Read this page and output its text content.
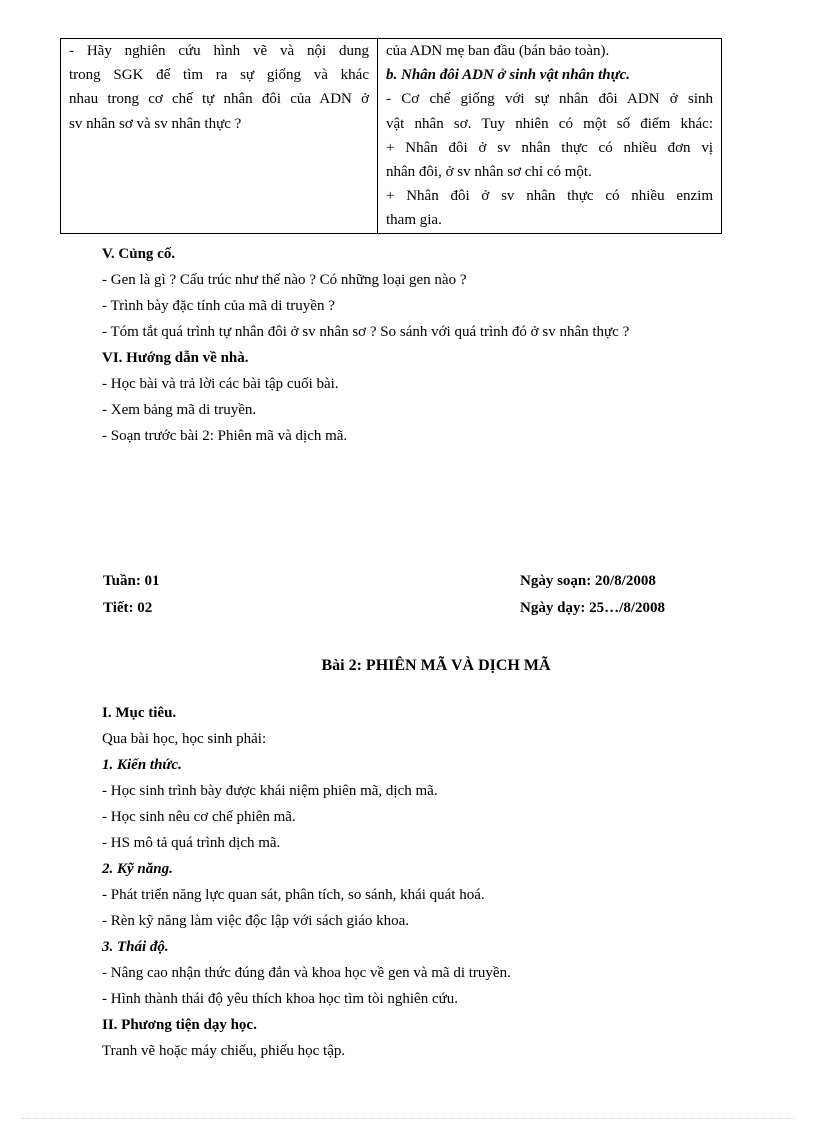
- Hãy nghiên cứu hình vẽ và nội dung
trong SGK để tìm ra sự giống và khác
nhau trong cơ chế tự nhân đôi của ADN ở
sv nhân sơ và sv nhân thực ?

của ADN mẹ ban đầu (bán bảo toàn).
b. Nhân đôi ADN ở sinh vật nhân thực.
- Cơ chế giống với sự nhân đôi ADN ở sinh
vật nhân sơ. Tuy nhiên có một số điểm khác:
+ Nhân đôi ở sv nhân thực có nhiều đơn vị
nhân đôi, ở sv nhân sơ chỉ có một.
+ Nhân đôi ở sv nhân thực có nhiều enzim
tham gia.
V. Củng cố.
- Gen là gì ? Cấu trúc như thế nào ? Có những loại gen nào ?
- Trình bày đặc tính của mã di truyền ?
- Tóm tắt quá trình tự nhân đôi ở sv nhân sơ ? So sánh với quá trình đó ở sv nhân thực ?
VI. Hướng dẫn về nhà.
- Học bài và trả lời các bài tập cuối bài.
- Xem bảng mã di truyền.
- Soạn trước bài 2: Phiên mã và dịch mã.
Tuần: 01
Tiết: 02
Ngày soạn: 20/8/2008
Ngày dạy: 25…/8/2008
Bài 2: PHIÊN MÃ VÀ DỊCH MÃ
I. Mục tiêu.
Qua bài học, học sinh phải:
1. Kiến thức.
- Học sinh trình bày được khái niệm phiên mã, dịch mã.
- Học sinh nêu cơ chế phiên mã.
- HS mô tả quá trình dịch mã.
2. Kỹ năng.
- Phát triển năng lực quan sát, phân tích, so sánh, khái quát hoá.
- Rèn kỹ năng làm việc độc lập với sách giáo khoa.
3. Thái độ.
- Nâng cao nhận thức đúng đắn và khoa học về gen và mã di truyền.
- Hình thành thái độ yêu thích khoa học tìm tòi nghiên cứu.
II. Phương tiện dạy học.
Tranh vẽ hoặc máy chiếu, phiếu học tập.
